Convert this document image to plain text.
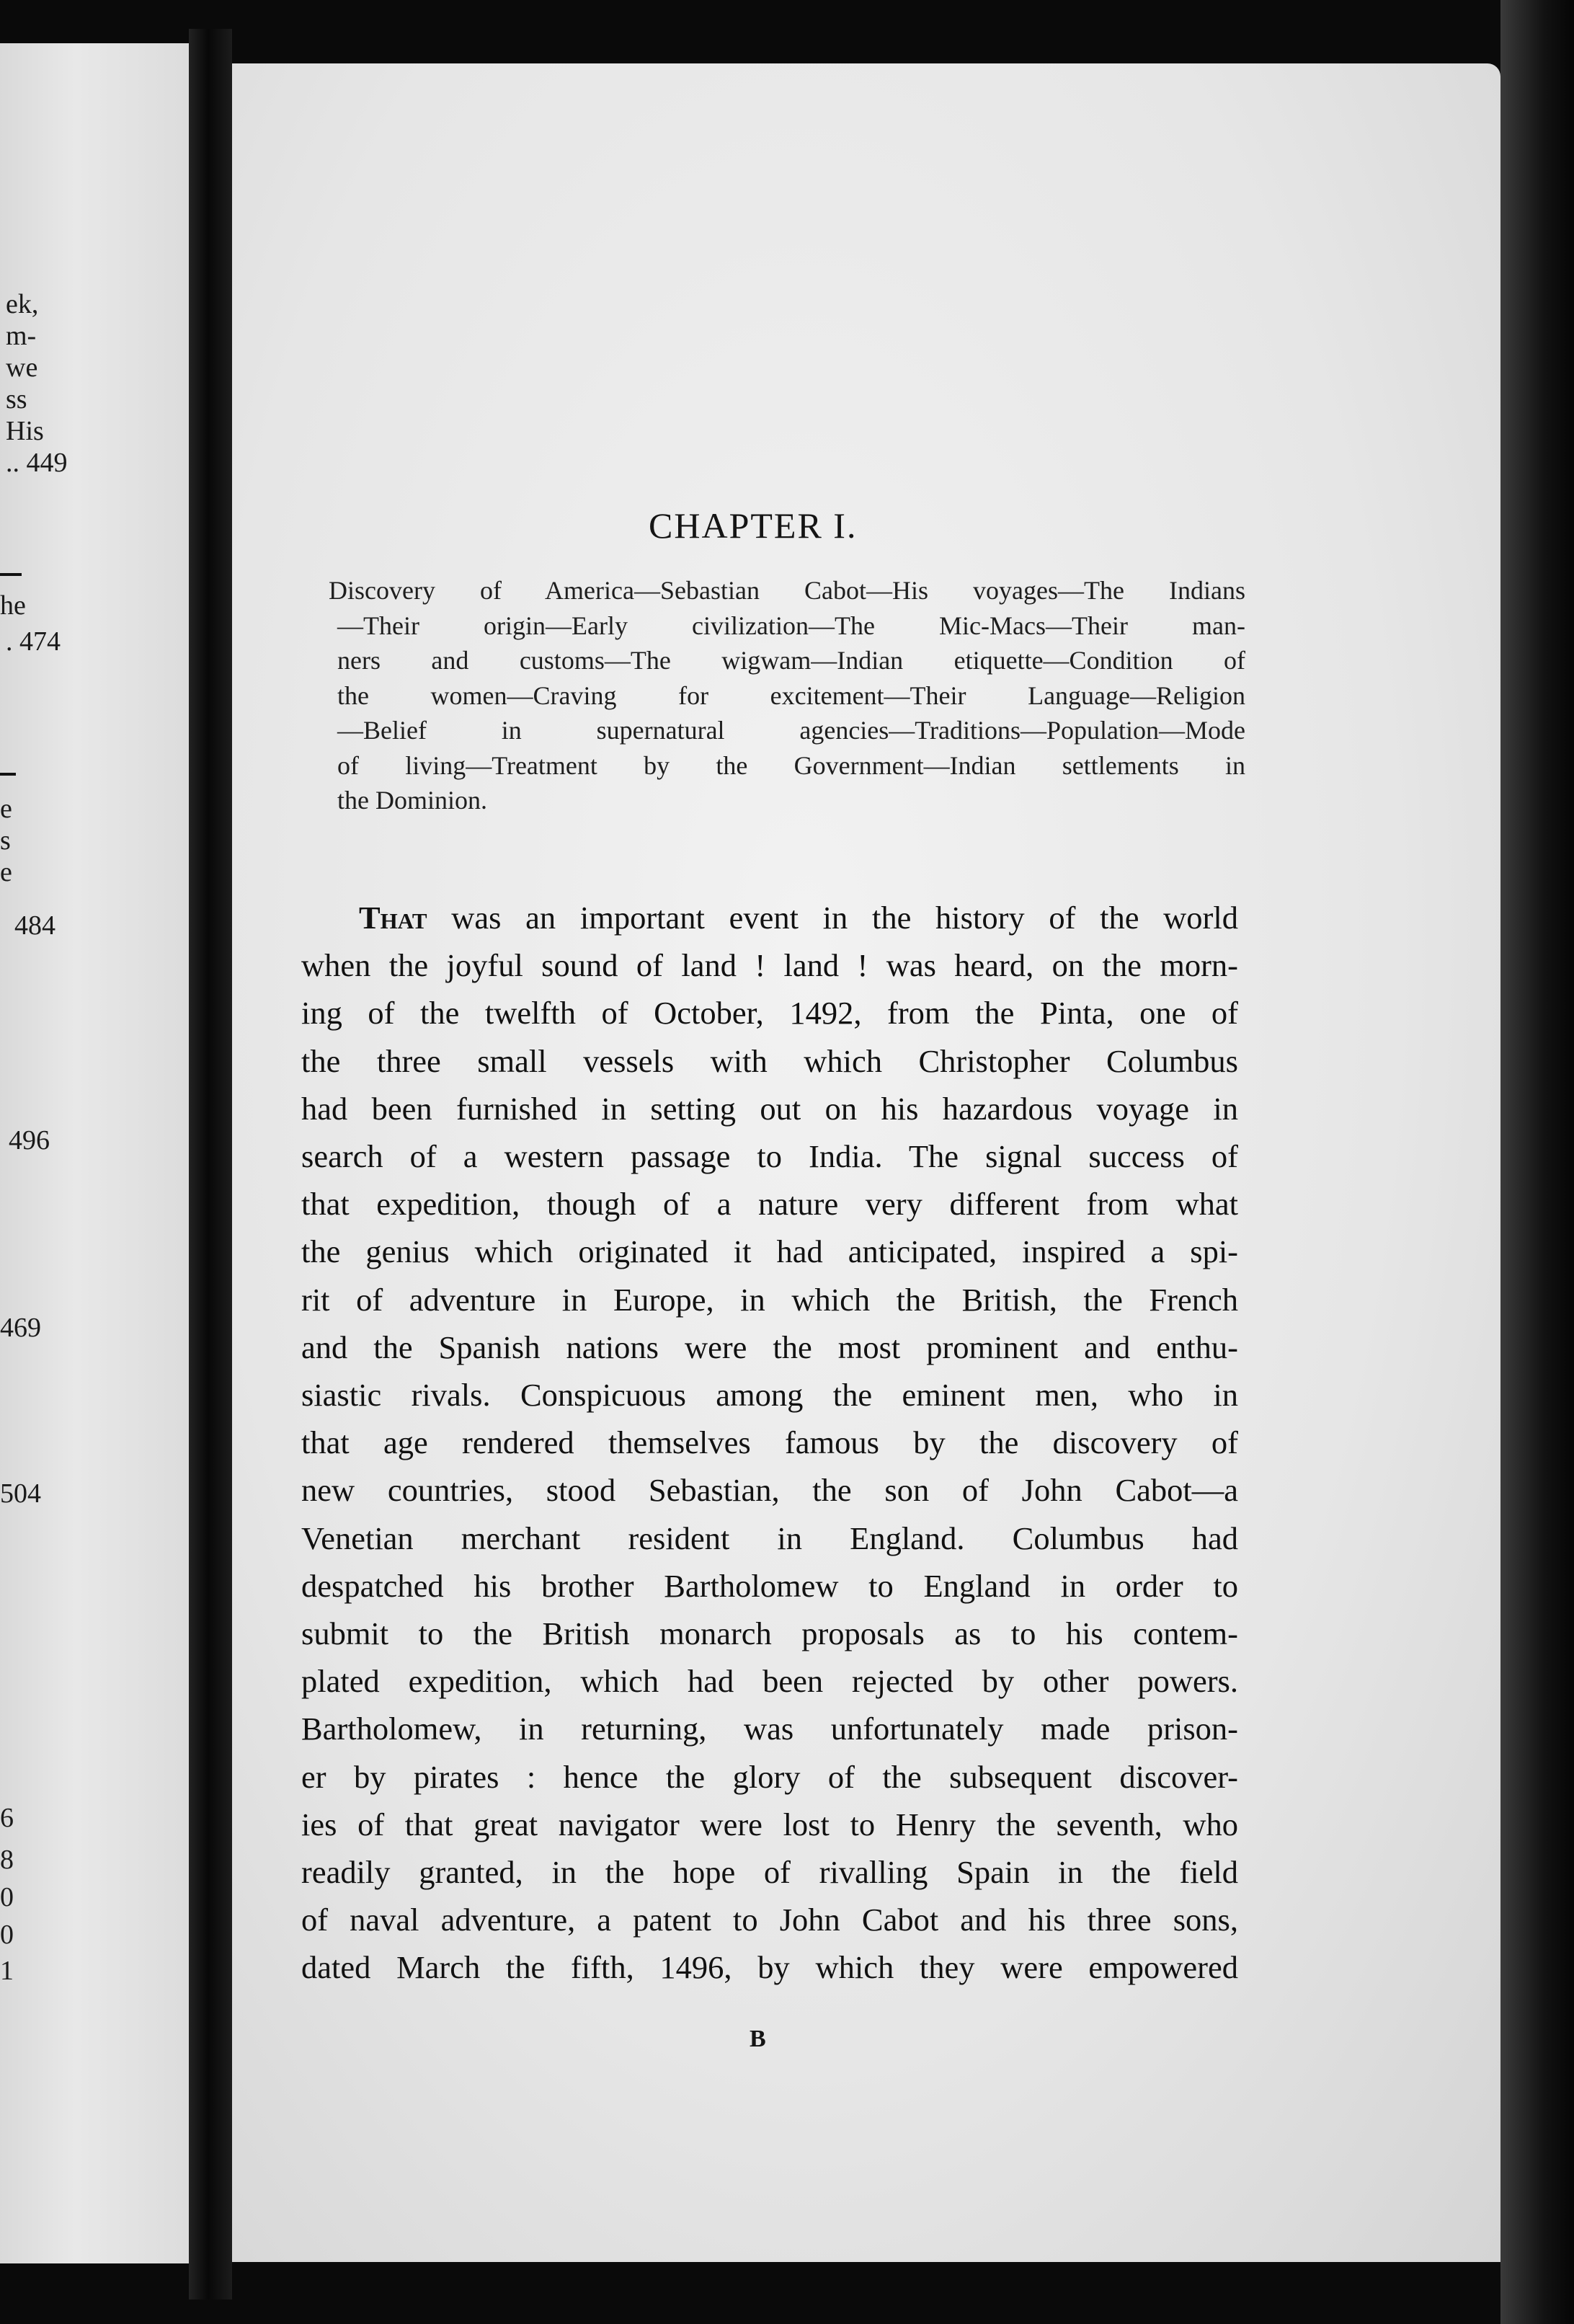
ek,
m-
we
ss
His
.. 449
he
. 474
e
s
e
484
496
469
504
6
8
0
0
1
CHAPTER I.
Discovery of America—Sebastian Cabot—His voyages—The Indians
—Their origin—Early civilization—The Mic-Macs—Their man-
ners and customs—The wigwam—Indian etiquette—Condition of
the women—Craving for excitement—Their Language—Religion
—Belief in supernatural agencies—Traditions—Population—Mode
of living—Treatment by the Government—Indian settlements in
the Dominion.
That was an important event in the history of the world
when the joyful sound of land ! land ! was heard, on the morn-
ing of the twelfth of October, 1492, from the Pinta, one of
the three small vessels with which Christopher Columbus
had been furnished in setting out on his hazardous voyage in
search of a western passage to India. The signal success of
that expedition, though of a nature very different from what
the genius which originated it had anticipated, inspired a spi-
rit of adventure in Europe, in which the British, the French
and the Spanish nations were the most prominent and enthu-
siastic rivals. Conspicuous among the eminent men, who in
that age rendered themselves famous by the discovery of
new countries, stood Sebastian, the son of John Cabot—a
Venetian merchant resident in England. Columbus had
despatched his brother Bartholomew to England in order to
submit to the British monarch proposals as to his contem-
plated expedition, which had been rejected by other powers.
Bartholomew, in returning, was unfortunately made prison-
er by pirates : hence the glory of the subsequent discover-
ies of that great navigator were lost to Henry the seventh, who
readily granted, in the hope of rivalling Spain in the field
of naval adventure, a patent to John Cabot and his three sons,
dated March the fifth, 1496, by which they were empowered
B
